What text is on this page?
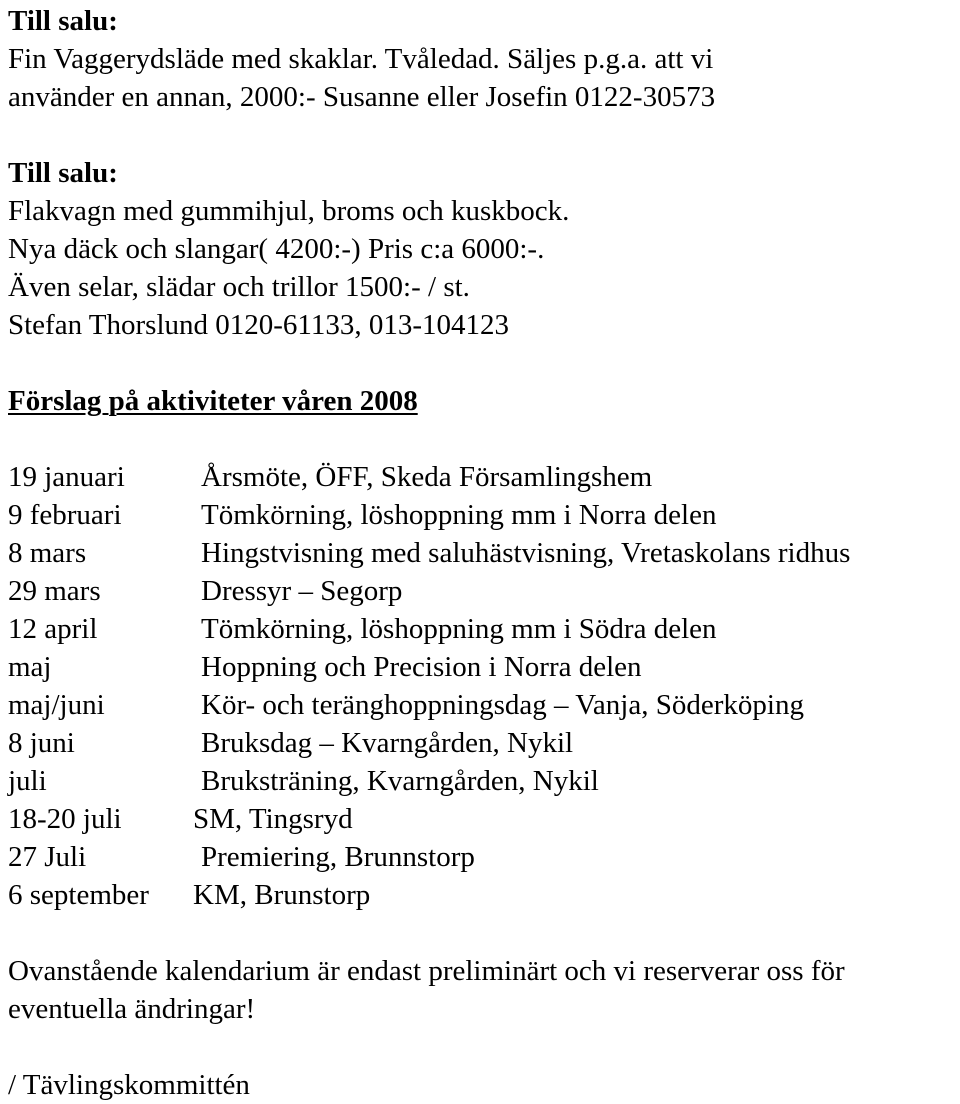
Till salu:
Fin Vaggerydsläde med skaklar. Tvåledad. Säljes p.g.a. att vi
använder en annan, 2000:- Susanne eller Josefin 0122-30573
Till salu:
Flakvagn med gummihjul, broms och kuskbock.
Nya däck och slangar( 4200:-) Pris c:a 6000:-.
Även selar, slädar och trillor 1500:- / st.
Stefan Thorslund 0120-61133, 013-104123
Förslag på aktiviteter våren 2008
19 januari	Årsmöte, ÖFF, Skeda Församlingshem
9 februari	Tömkörning, löshoppning mm i Norra delen
8 mars	Hingstvisning med saluhästvisning, Vretaskolans ridhus
29 mars	Dressyr – Segorp
12 april	Tömkörning, löshoppning mm i Södra delen
maj	Hoppning och Precision i Norra delen
maj/juni	Kör- och teränghoppningsdag – Vanja, Söderköping
8 juni	Bruksdag – Kvarngården, Nykil
juli	Bruksträning, Kvarngården, Nykil
18-20 juli SM, Tingsryd
27 Juli	Premiering, Brunnstorp
6 september KM, Brunstorp
Ovanstående kalendarium är endast preliminärt och vi reserverar oss för
eventuella ändringar!
/ Tävlingskommittén
